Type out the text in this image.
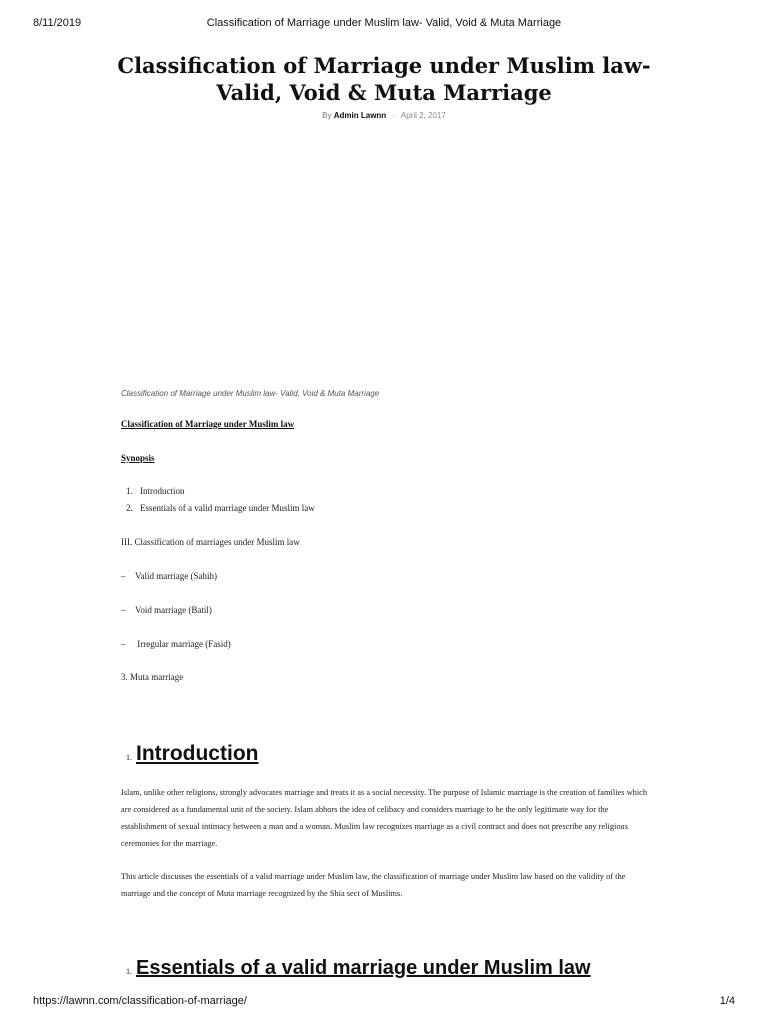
8/11/2019	Classification of Marriage under Muslim law- Valid, Void & Muta Marriage
Classification of Marriage under Muslim law- Valid, Void & Muta Marriage
By Admin Lawnn - April 2, 2017
Classification of Marriage under Muslim law- Valid, Void & Muta Marriage
Classification of Marriage under Muslim law
Synopsis
1. Introduction
2. Essentials of a valid marriage under Muslim law
III. Classification of marriages under Muslim law
– Valid marriage (Sahih)
– Void marriage (Batil)
– Irregular marriage (Fasid)
3. Muta marriage
1. Introduction

Islam, unlike other religions, strongly advocates marriage and treats it as a social necessity. The purpose of Islamic marriage is the creation of families which are considered as a fundamental unit of the society. Islam abhors the idea of celibacy and considers marriage to be the only legitimate way for the establishment of sexual intimacy between a man and a woman. Muslim law recognizes marriage as a civil contract and does not prescribe any religious ceremonies for the marriage.

This article discusses the essentials of a valid marriage under Muslim law, the classification of marriage under Muslim law based on the validity of the marriage and the concept of Muta marriage recognized by the Shia sect of Muslims.

1. Essentials of a valid marriage under Muslim law
https://lawnn.com/classification-of-marriage/	1/4
